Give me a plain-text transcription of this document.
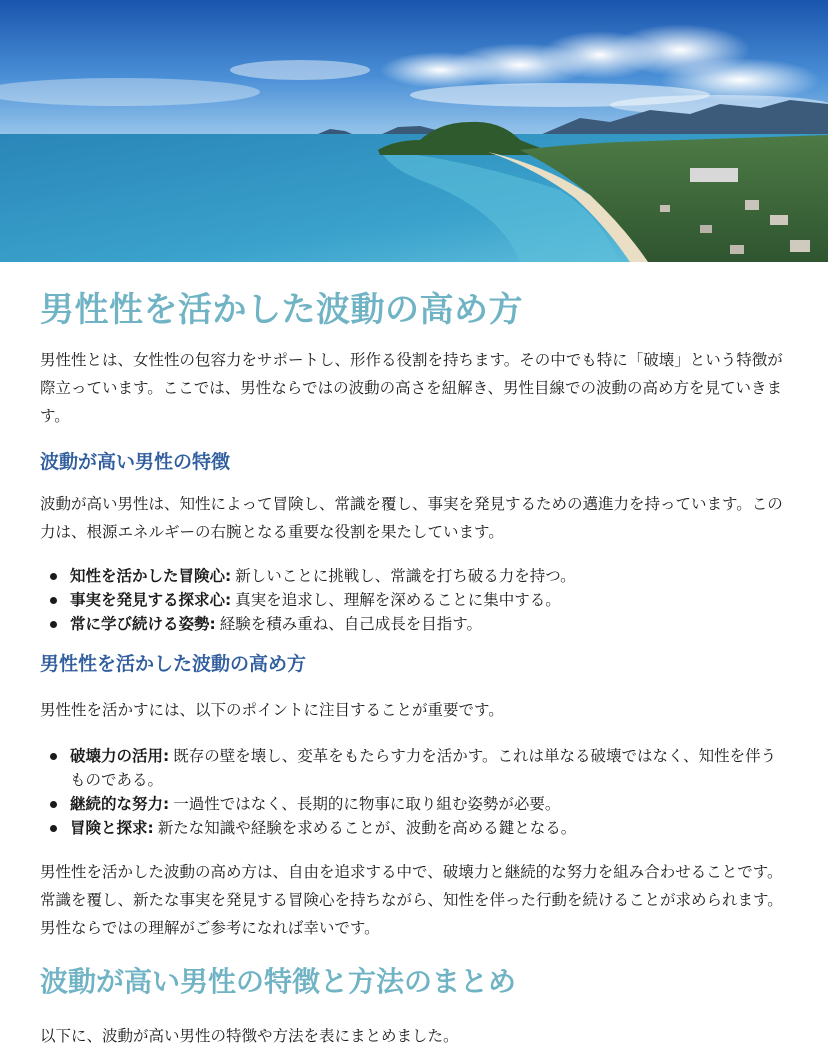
男性性を活かした波動の高め方

男性性とは、女性性の包容力をサポートし、形作る役割を持ちます。その中でも特に「破壊」という特徴が際立っています。ここでは、男性ならではの波動の高さを紐解き、男性目線での波動の高め方を見ていきます。

波動が高い男性の特徴

波動が高い男性は、知性によって冒険し、常識を覆し、事実を発見するための邁進力を持っています。この力は、根源エネルギーの右腕となる重要な役割を果たしています。

知性を活かした冒険心: 新しいことに挑戦し、常識を打ち破る力を持つ。
事実を発見する探求心: 真実を追求し、理解を深めることに集中する。
常に学び続ける姿勢: 経験を積み重ね、自己成長を目指す。
男性性を活かした波動の高め方

男性性を活かすには、以下のポイントに注目することが重要です。

破壊力の活用: 既存の壁を壊し、変革をもたらす力を活かす。これは単なる破壊ではなく、知性を伴うものである。
継続的な努力: 一過性ではなく、長期的に物事に取り組む姿勢が必要。
冒険と探求: 新たな知識や経験を求めることが、波動を高める鍵となる。

男性性を活かした波動の高め方は、自由を追求する中で、破壊力と継続的な努力を組み合わせることです。常識を覆し、新たな事実を発見する冒険心を持ちながら、知性を伴った行動を続けることが求められます。男性ならではの理解がご参考になれば幸いです。

波動が高い男性の特徴と方法のまとめ

以下に、波動が高い男性の特徴や方法を表にまとめました。
